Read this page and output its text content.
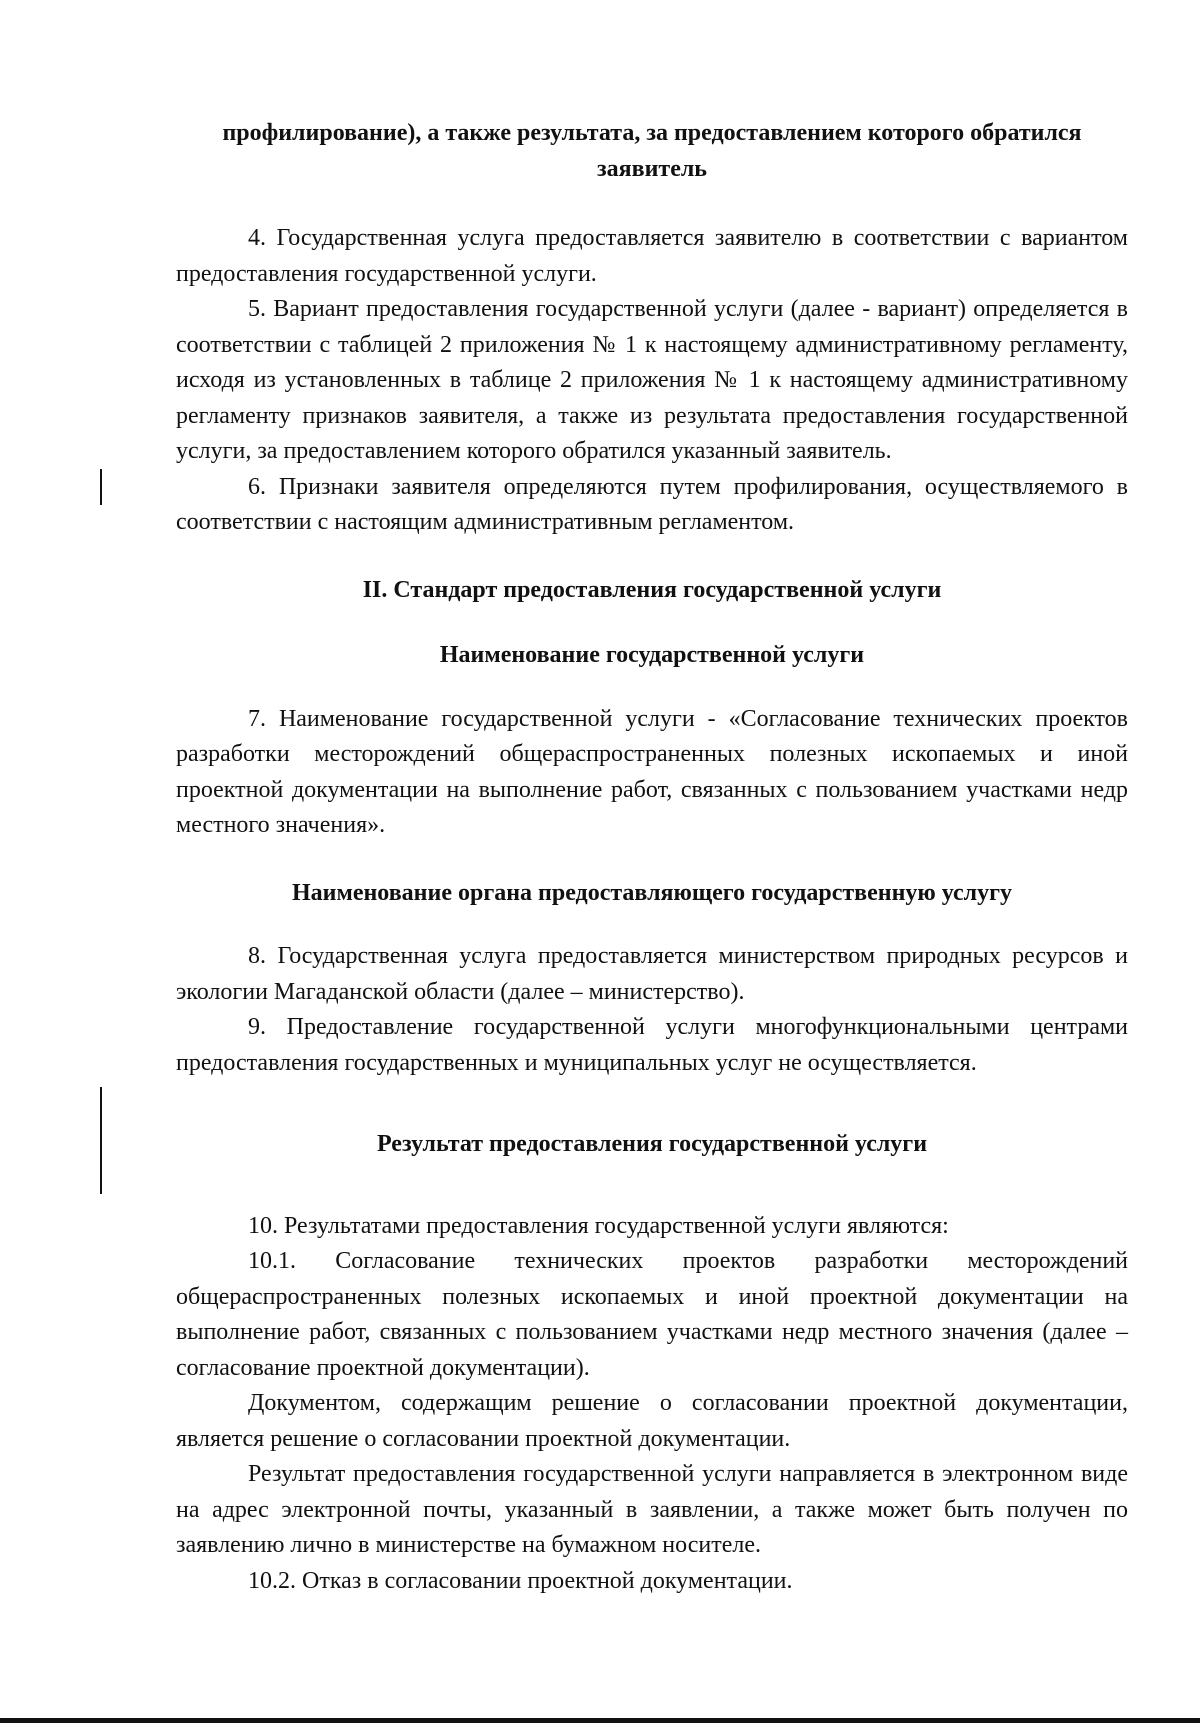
профилирование), а также результата, за предоставлением которого обратился заявитель

4. Государственная услуга предоставляется заявителю в соответствии с вариантом предоставления государственной услуги.

5. Вариант предоставления государственной услуги (далее - вариант) определяется в соответствии с таблицей 2 приложения № 1 к настоящему административному регламенту, исходя из установленных в таблице 2 приложения № 1 к настоящему административному регламенту признаков заявителя, а также из результата предоставления государственной услуги, за предоставлением которого обратился указанный заявитель.

6. Признаки заявителя определяются путем профилирования, осуществляемого в соответствии с настоящим административным регламентом.

II. Стандарт предоставления государственной услуги

Наименование государственной услуги

7. Наименование государственной услуги - «Согласование технических проектов разработки месторождений общераспространенных полезных ископаемых и иной проектной документации на выполнение работ, связанных с пользованием участками недр местного значения».

Наименование органа предоставляющего государственную услугу

8. Государственная услуга предоставляется министерством природных ресурсов и экологии Магаданской области (далее – министерство).

9. Предоставление государственной услуги многофункциональными центрами предоставления государственных и муниципальных услуг не осуществляется.

Результат предоставления государственной услуги

10. Результатами предоставления государственной услуги являются:

10.1. Согласование технических проектов разработки месторождений общераспространенных полезных ископаемых и иной проектной документации на выполнение работ, связанных с пользованием участками недр местного значения (далее – согласование проектной документации).

Документом, содержащим решение о согласовании проектной документации, является решение о согласовании проектной документации.

Результат предоставления государственной услуги направляется в электронном виде на адрес электронной почты, указанный в заявлении, а также может быть получен по заявлению лично в министерстве на бумажном носителе.

10.2. Отказ в согласовании проектной документации.
